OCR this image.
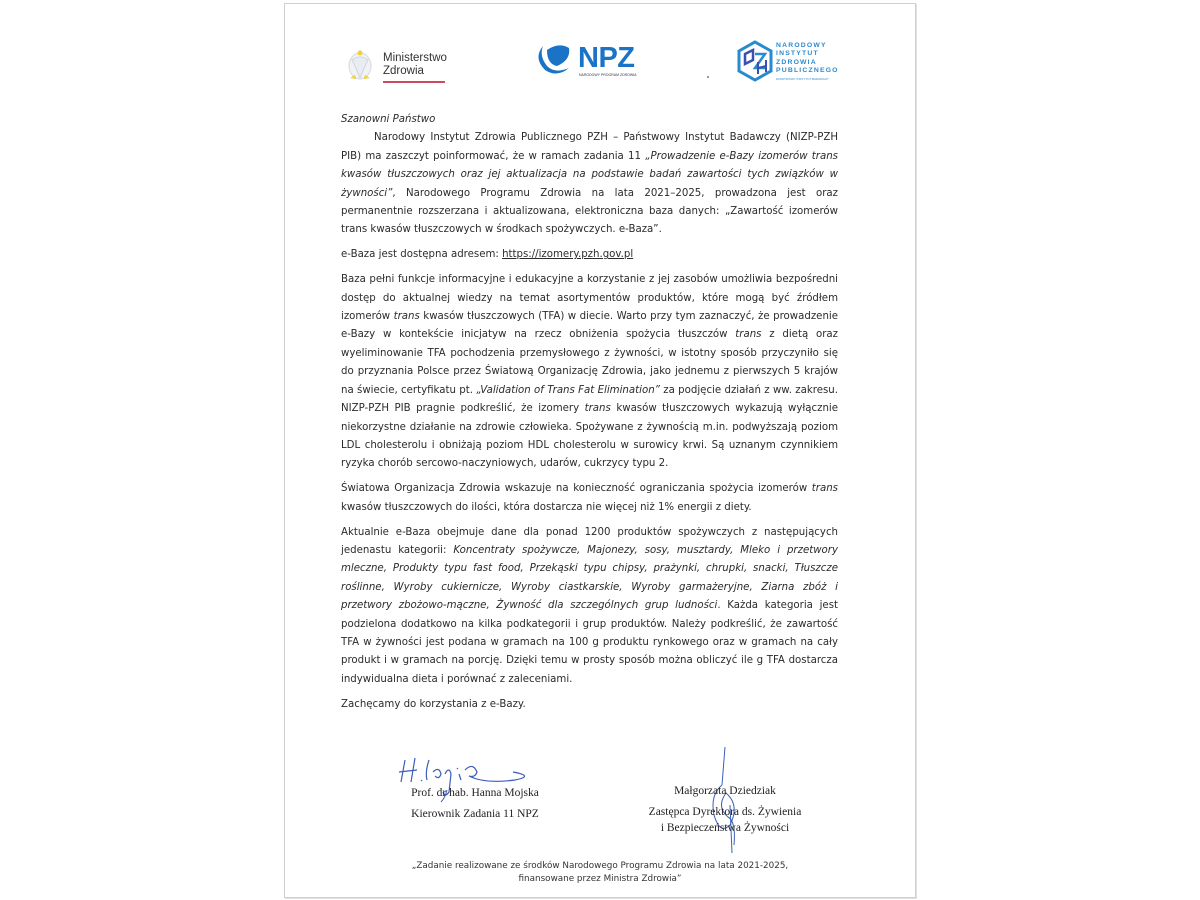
Ministerstwo
Zdrowia	NPZ
NARODOWY PROGRAM ZDROWIA
NARODOWY
INSTYTUT
ZDROWIA
PUBLICZNEGO
PAŃSTWOWY INSTYTUT BADAWCZY

Szanowni Państwo

Narodowy Instytut Zdrowia Publicznego PZH – Państwowy Instytut Badawczy (NIZP-PZH PIB) ma zaszczyt poinformować, że w ramach zadania 11 „Prowadzenie e-Bazy izomerów trans kwasów tłuszczowych oraz jej aktualizacja na podstawie badań zawartości tych związków w żywności”, Narodowego Programu Zdrowia na lata 2021–2025, prowadzona jest oraz permanentnie rozszerzana i aktualizowana, elektroniczna baza danych: „Zawartość izomerów trans kwasów tłuszczowych w środkach spożywczych. e-Baza”.

e-Baza jest dostępna adresem: https://izomery.pzh.gov.pl

Baza pełni funkcje informacyjne i edukacyjne a korzystanie z jej zasobów umożliwia bezpośredni dostęp do aktualnej wiedzy na temat asortymentów produktów, które mogą być źródłem izomerów trans kwasów tłuszczowych (TFA) w diecie. Warto przy tym zaznaczyć, że prowadzenie e-Bazy w kontekście inicjatyw na rzecz obniżenia spożycia tłuszczów trans z dietą oraz wyeliminowanie TFA pochodzenia przemysłowego z żywności, w istotny sposób przyczyniło się do przyznania Polsce przez Światową Organizację Zdrowia, jako jednemu z pierwszych 5 krajów na świecie, certyfikatu pt. „Validation of Trans Fat Elimination” za podjęcie działań z ww. zakresu. NIZP-PZH PIB pragnie podkreślić, że izomery trans kwasów tłuszczowych wykazują wyłącznie niekorzystne działanie na zdrowie człowieka. Spożywane z żywnością m.in. podwyższają poziom LDL cholesterolu i obniżają poziom HDL cholesterolu w surowicy krwi. Są uznanym czynnikiem ryzyka chorób sercowo-naczyniowych, udarów, cukrzycy typu 2.

Światowa Organizacja Zdrowia wskazuje na konieczność ograniczania spożycia izomerów trans kwasów tłuszczowych do ilości, która dostarcza nie więcej niż 1% energii z diety.

Aktualnie e-Baza obejmuje dane dla ponad 1200 produktów spożywczych z następujących jedenastu kategorii: Koncentraty spożywcze, Majonezy, sosy, musztardy, Mleko i przetwory mleczne, Produkty typu fast food, Przekąski typu chipsy, prażynki, chrupki, snacki, Tłuszcze roślinne, Wyroby cukiernicze, Wyroby ciastkarskie, Wyroby garmażeryjne, Ziarna zbóż i przetwory zbożowo-mączne, Żywność dla szczególnych grup ludności. Każda kategoria jest podzielona dodatkowo na kilka podkategorii i grup produktów. Należy podkreślić, że zawartość TFA w żywności jest podana w gramach na 100 g produktu rynkowego oraz w gramach na cały produkt i w gramach na porcję. Dzięki temu w prosty sposób można obliczyć ile g TFA dostarcza indywidualna dieta i porównać z zaleceniami.

Zachęcamy do korzystania z e-Bazy.

Prof. dr hab. Hanna Mojska
Kierownik Zadania 11 NPZ
Małgorzata Dziedziak
Zastępca Dyrektora ds. Żywienia
i Bezpieczeństwa Żywności
„Zadanie realizowane ze środków Narodowego Programu Zdrowia na lata 2021-2025,
finansowane przez Ministra Zdrowia”
